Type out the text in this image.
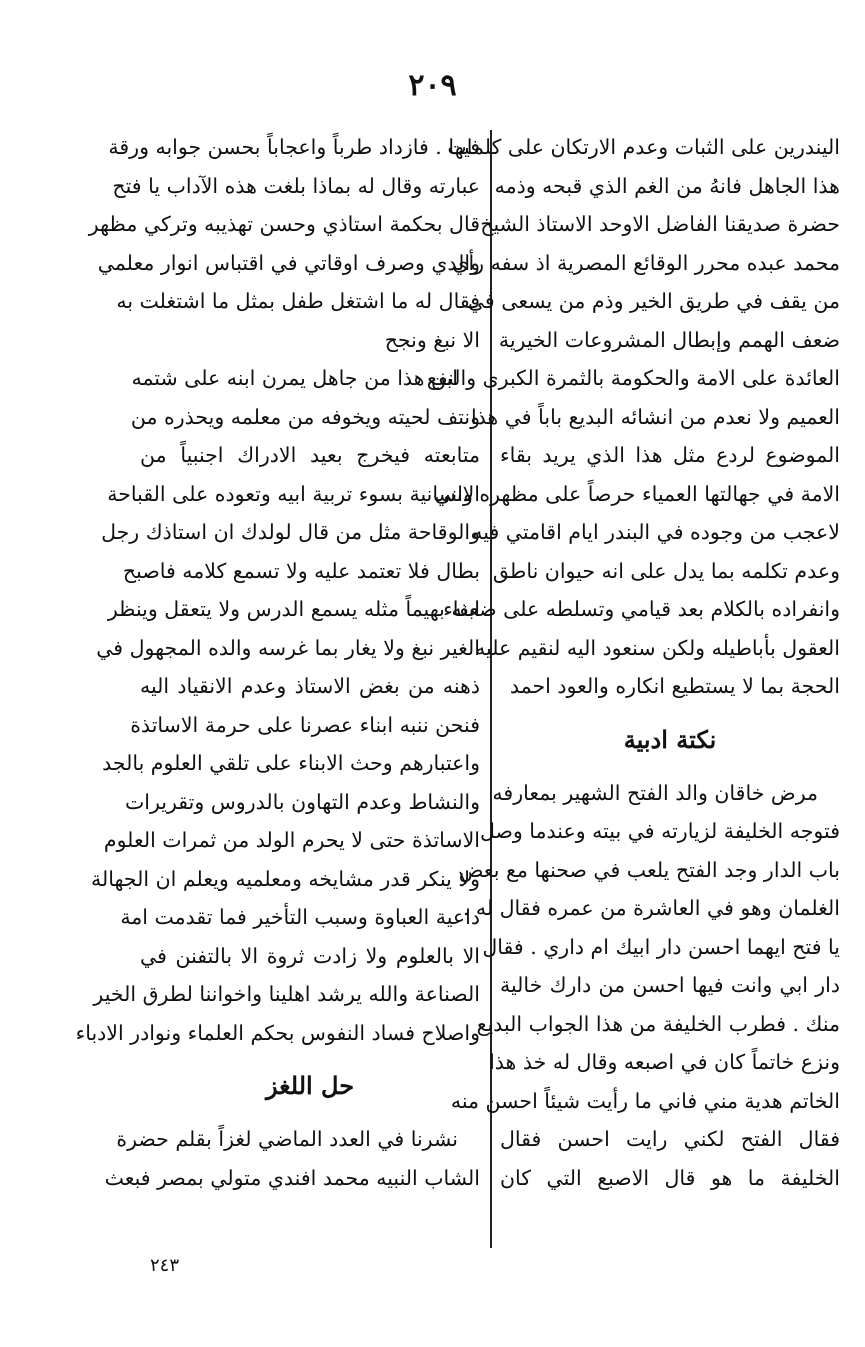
٢٠٩
اليندرين على الثبات وعدم الارتكان على كلمات
هذا الجاهل فانهُ من الغم الذي قبحه وذمه
حضرة صديقنا الفاضل الاوحد الاستاذ الشيخ
محمد عبده محرر الوقائع المصرية اذ سفه رأي
من يقف في طريق الخير وذم من يسعى في
ضعف الهمم وإبطال المشروعات الخيرية
العائدة على الامة والحكومة بالثمرة الكبرى والنفع
العميم ولا نعدم من انشائه البديع باباً في هذا
الموضوع لردع مثل هذا الذي يريد بقاء
الامة في جهالتها العمياء حرصاً على مظهره واني
لاعجب من وجوده في البندر ايام اقامتي فيه
وعدم تكلمه بما يدل على انه حيوان ناطق
وانفراده بالكلام بعد قيامي وتسلطه على ضعفاء
العقول بأباطيله ولكن سنعود اليه لنقيم عليه
الحجة بما لا يستطيع انكاره والعود احمد
نكتة ادبية
مرض خاقان والد الفتح الشهير بمعارفه
فتوجه الخليفة لزيارته في بيته وعندما وصل
باب الدار وجد الفتح يلعب في صحنها مع بعض
الغلمان وهو في العاشرة من عمره فقال له .
يا فتح ايهما احسن دار ابيك ام داري . فقال
دار ابي وانت فيها احسن من دارك خالية
منك . فطرب الخليفة من هذا الجواب البديع
ونزع خاتماً كان في اصبعه وقال له خذ هذا
الخاتم هدية مني فاني ما رأيت شيئاً احسن منه
فقال الفتح لكني رايت احسن فقال
الخليفة ما هو قال الاصبع التي كان
فيها . فازداد طرباً واعجاباً بحسن جوابه ورقة
عبارته وقال له بماذا بلغت هذه الآداب يا فتح
قال بحكمة استاذي وحسن تهذيبه وتركي مظهر
والدي وصرف اوقاتي في اقتباس انوار معلمي
فقال له ما اشتغل طفل بمثل ما اشتغلت به
الا نبغ ونجح
ابن هذا من جاهل يمرن ابنه على شتمه
ونتف لحيته ويخوفه من معلمه ويحذره من
متابعته فيخرج بعيد الادراك اجنبياً من
الانسانية بسوء تربية ابيه وتعوده على القباحة
والوقاحة مثل من قال لولدك ان استاذك رجل
بطال فلا تعتمد عليه ولا تسمع كلامه فاصبح
ابنه بهيماً مثله يسمع الدرس ولا يتعقل وينظر
الغير نبغ ولا يغار بما غرسه والده المجهول في
ذهنه من بغض الاستاذ وعدم الانقياد اليه
فنحن ننبه ابناء عصرنا على حرمة الاساتذة
واعتبارهم وحث الابناء على تلقي العلوم بالجد
والنشاط وعدم التهاون بالدروس وتقريرات
الاساتذة حتى لا يحرم الولد من ثمرات العلوم
ولا ينكر قدر مشايخه ومعلميه ويعلم ان الجهالة
داعية العباوة وسبب التأخير فما تقدمت امة
الا بالعلوم ولا زادت ثروة الا بالتفنن في
الصناعة والله يرشد اهلينا واخواننا لطرق الخير
واصلاح فساد النفوس بحكم العلماء ونوادر الادباء
حل اللغز
نشرنا في العدد الماضي لغزاً بقلم حضرة
الشاب النبيه محمد افندي متولي بمصر فبعث
٢٤٣
